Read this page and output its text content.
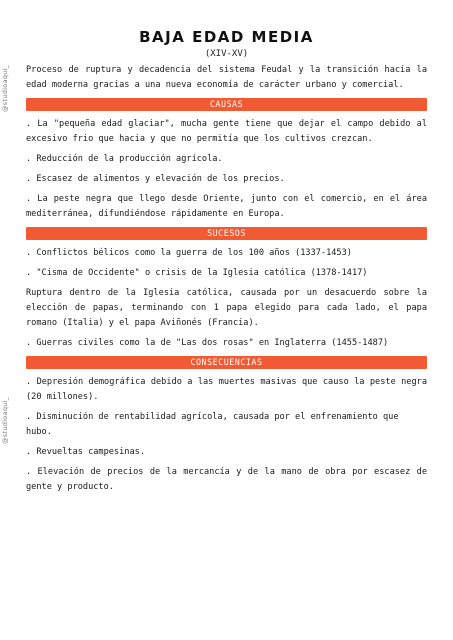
@studioaqui_
@studioaqui_
BAJA EDAD MEDIA
(XIV-XV)

Proceso de ruptura y decadencia del sistema Feudal y la transición hacia la edad moderna gracias a una nueva economía de carácter urbano y comercial.

CAUSAS

. La "pequeña edad glaciar", mucha gente tiene que dejar el campo debido al excesivo frio que hacia y que no permitía que los cultivos crezcan.

. Reducción de la producción agrícola.

. Escasez de alimentos y elevación de los precios.

. La peste negra que llego desde Oriente, junto con el comercio, en el área mediterránea, difundiéndose rápidamente en Europa.

SUCESOS

. Conflictos bélicos como la guerra de los 100 años (1337-1453)

. "Cisma de Occidente" o crisis de la Iglesia católica (1378-1417)

Ruptura dentro de la Iglesia católica, causada por un desacuerdo sobre la elección de papas, terminando con 1 papa elegido para cada lado, el papa romano (Italia) y el papa Aviñonés (Francia).

. Guerras civiles como la de "Las dos rosas" en Inglaterra (1455-1487)

CONSECUENCIAS

. Depresión demográfica debido a las muertes masivas que causo la peste negra (20 millones).

. Disminución de rentabilidad agrícola, causada por el enfrenamiento que hubo.

. Revueltas campesinas.

. Elevación de precios de la mercancía y de la mano de obra por escasez de gente y producto.
